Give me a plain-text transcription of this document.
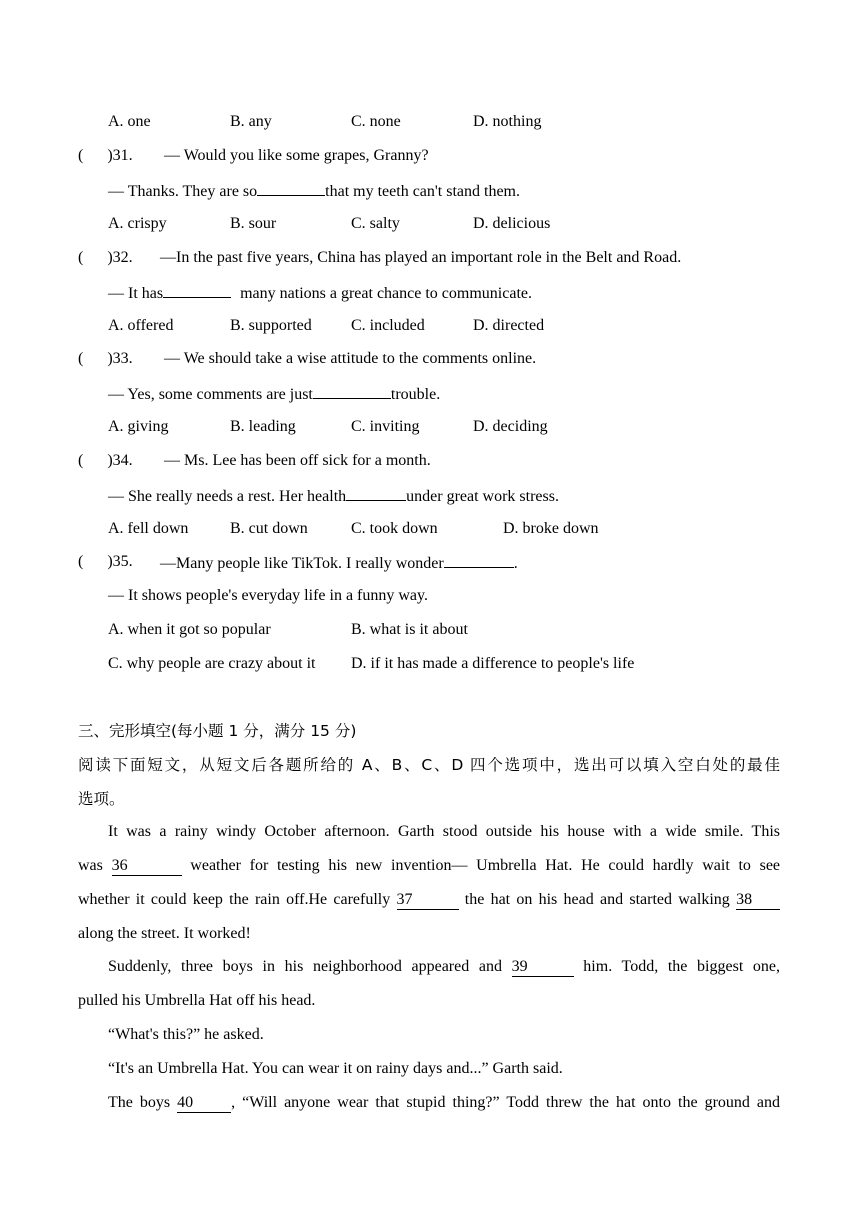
A. one	B. any	C. none	D. nothing
(      )31. — Would you like some grapes, Granny?
— Thanks. They are so	that my teeth can't stand them.
A. crispy	B. sour	C. salty	D. delicious
(      )32. —In the past five years, China has played an important role in the Belt and Road.
— It has	many nations a great chance to communicate.
A. offered	B. supported C. included	D. directed
(      )33. — We should take a wise attitude to the comments online.
— Yes, some comments are just	trouble.
A. giving	B. leading	C. inviting	D. deciding
(      )34. — Ms. Lee has been off sick for a month.
— She really needs a rest. Her health	under great work stress.
A. fell down	B. cut down	C. took down	D. broke down
(      )35. —Many people like TikTok. I really wonder	.
— It shows people's everyday life in a funny way.
A. when it got so popular	B. what is it about
C. why people are crazy about it D. if it has made a difference to people's life
三、完形填空(每小题 1 分，满分 15 分)
阅读下面短文，从短文后各题所给的 A、B、C、D 四个选项中，选出可以填入空白处的最佳
选项。
It was a rainy windy October afternoon. Garth stood outside his house with a wide smile. This
was 36	weather for testing his new invention— Umbrella Hat. He could hardly wait to see
whether it could keep the rain off.He carefully 37	the hat on his head and started walking 38
along the street. It worked!
Suddenly, three boys in his neighborhood appeared and 39	him. Todd, the biggest one,
pulled his Umbrella Hat off his head.
“What's this?” he asked.
“It's an Umbrella Hat. You can wear it on rainy days and...” Garth said.
The boys 40 , “Will anyone wear that stupid thing?” Todd threw the hat onto the ground and
